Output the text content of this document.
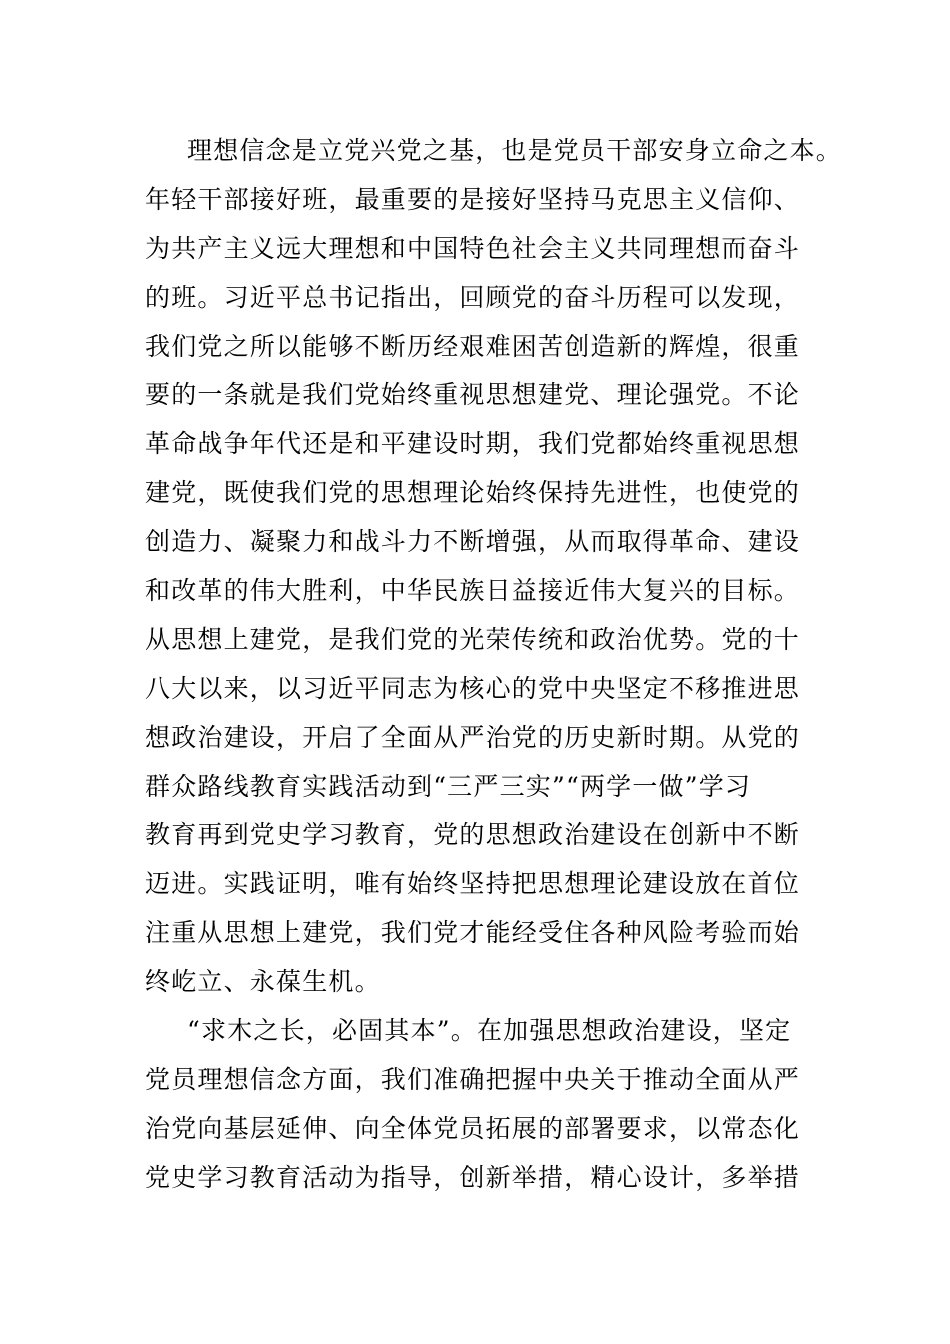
理想信念是立党兴党之基，也是党员干部安身立命之本。
年轻干部接好班，最重要的是接好坚持马克思主义信仰、
为共产主义远大理想和中国特色社会主义共同理想而奋斗
的班。习近平总书记指出，回顾党的奋斗历程可以发现，
我们党之所以能够不断历经艰难困苦创造新的辉煌，很重
要的一条就是我们党始终重视思想建党、理论强党。不论
革命战争年代还是和平建设时期，我们党都始终重视思想
建党，既使我们党的思想理论始终保持先进性，也使党的
创造力、凝聚力和战斗力不断增强，从而取得革命、建设
和改革的伟大胜利，中华民族日益接近伟大复兴的目标。
从思想上建党，是我们党的光荣传统和政治优势。党的十
八大以来，以习近平同志为核心的党中央坚定不移推进思
想政治建设，开启了全面从严治党的历史新时期。从党的
群众路线教育实践活动到“三严三实”“两学一做”学习
教育再到党史学习教育，党的思想政治建设在创新中不断
迈进。实践证明，唯有始终坚持把思想理论建设放在首位
注重从思想上建党，我们党才能经受住各种风险考验而始
终屹立、永葆生机。
“求木之长，必固其本”。在加强思想政治建设，坚定
党员理想信念方面，我们准确把握中央关于推动全面从严
治党向基层延伸、向全体党员拓展的部署要求，以常态化
党史学习教育活动为指导，创新举措，精心设计，多举措
